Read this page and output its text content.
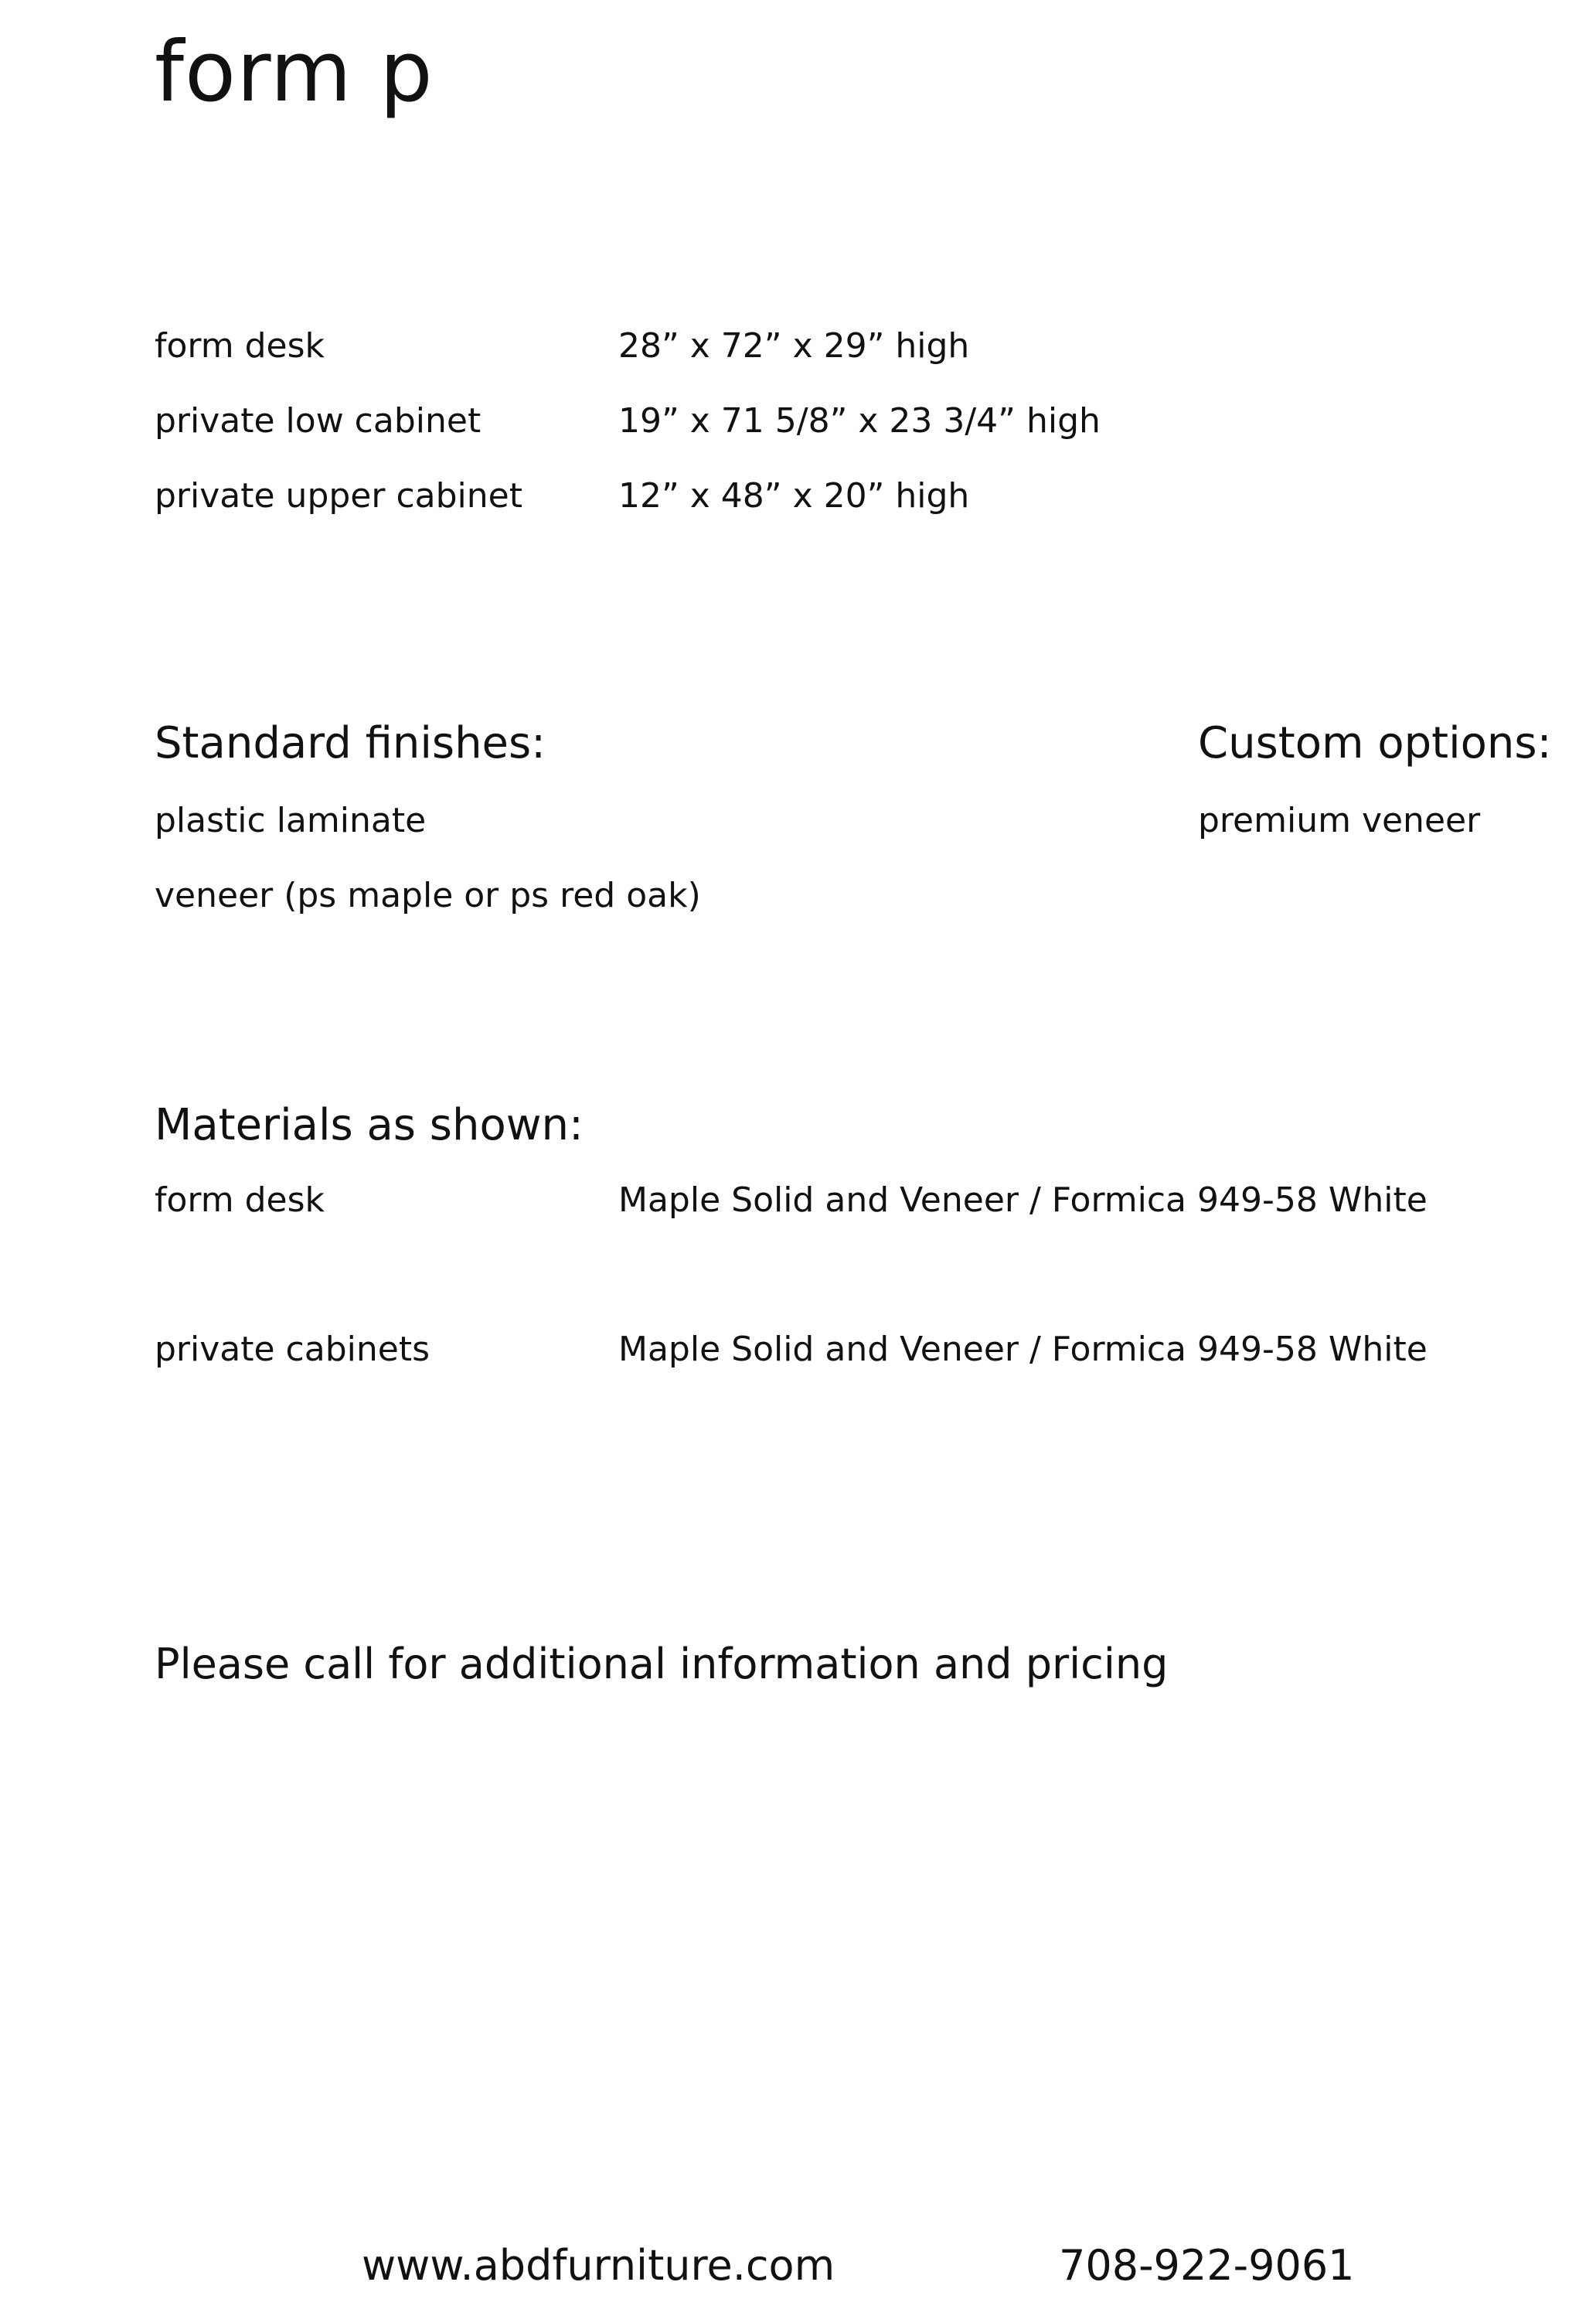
form p
form desk	28” x 72” x 29” high
private low cabinet	19” x 71 5/8” x 23 3/4” high
private upper cabinet	12” x 48” x 20” high
Standard finishes:
plastic laminate
veneer (ps maple or ps red oak)
Custom options:
premium veneer
Materials as shown:
form desk	Maple Solid and Veneer / Formica 949-58 White
private cabinets	Maple Solid and Veneer / Formica 949-58 White
Please call for additional information and pricing
www.abdfurniture.com	708-922-9061
